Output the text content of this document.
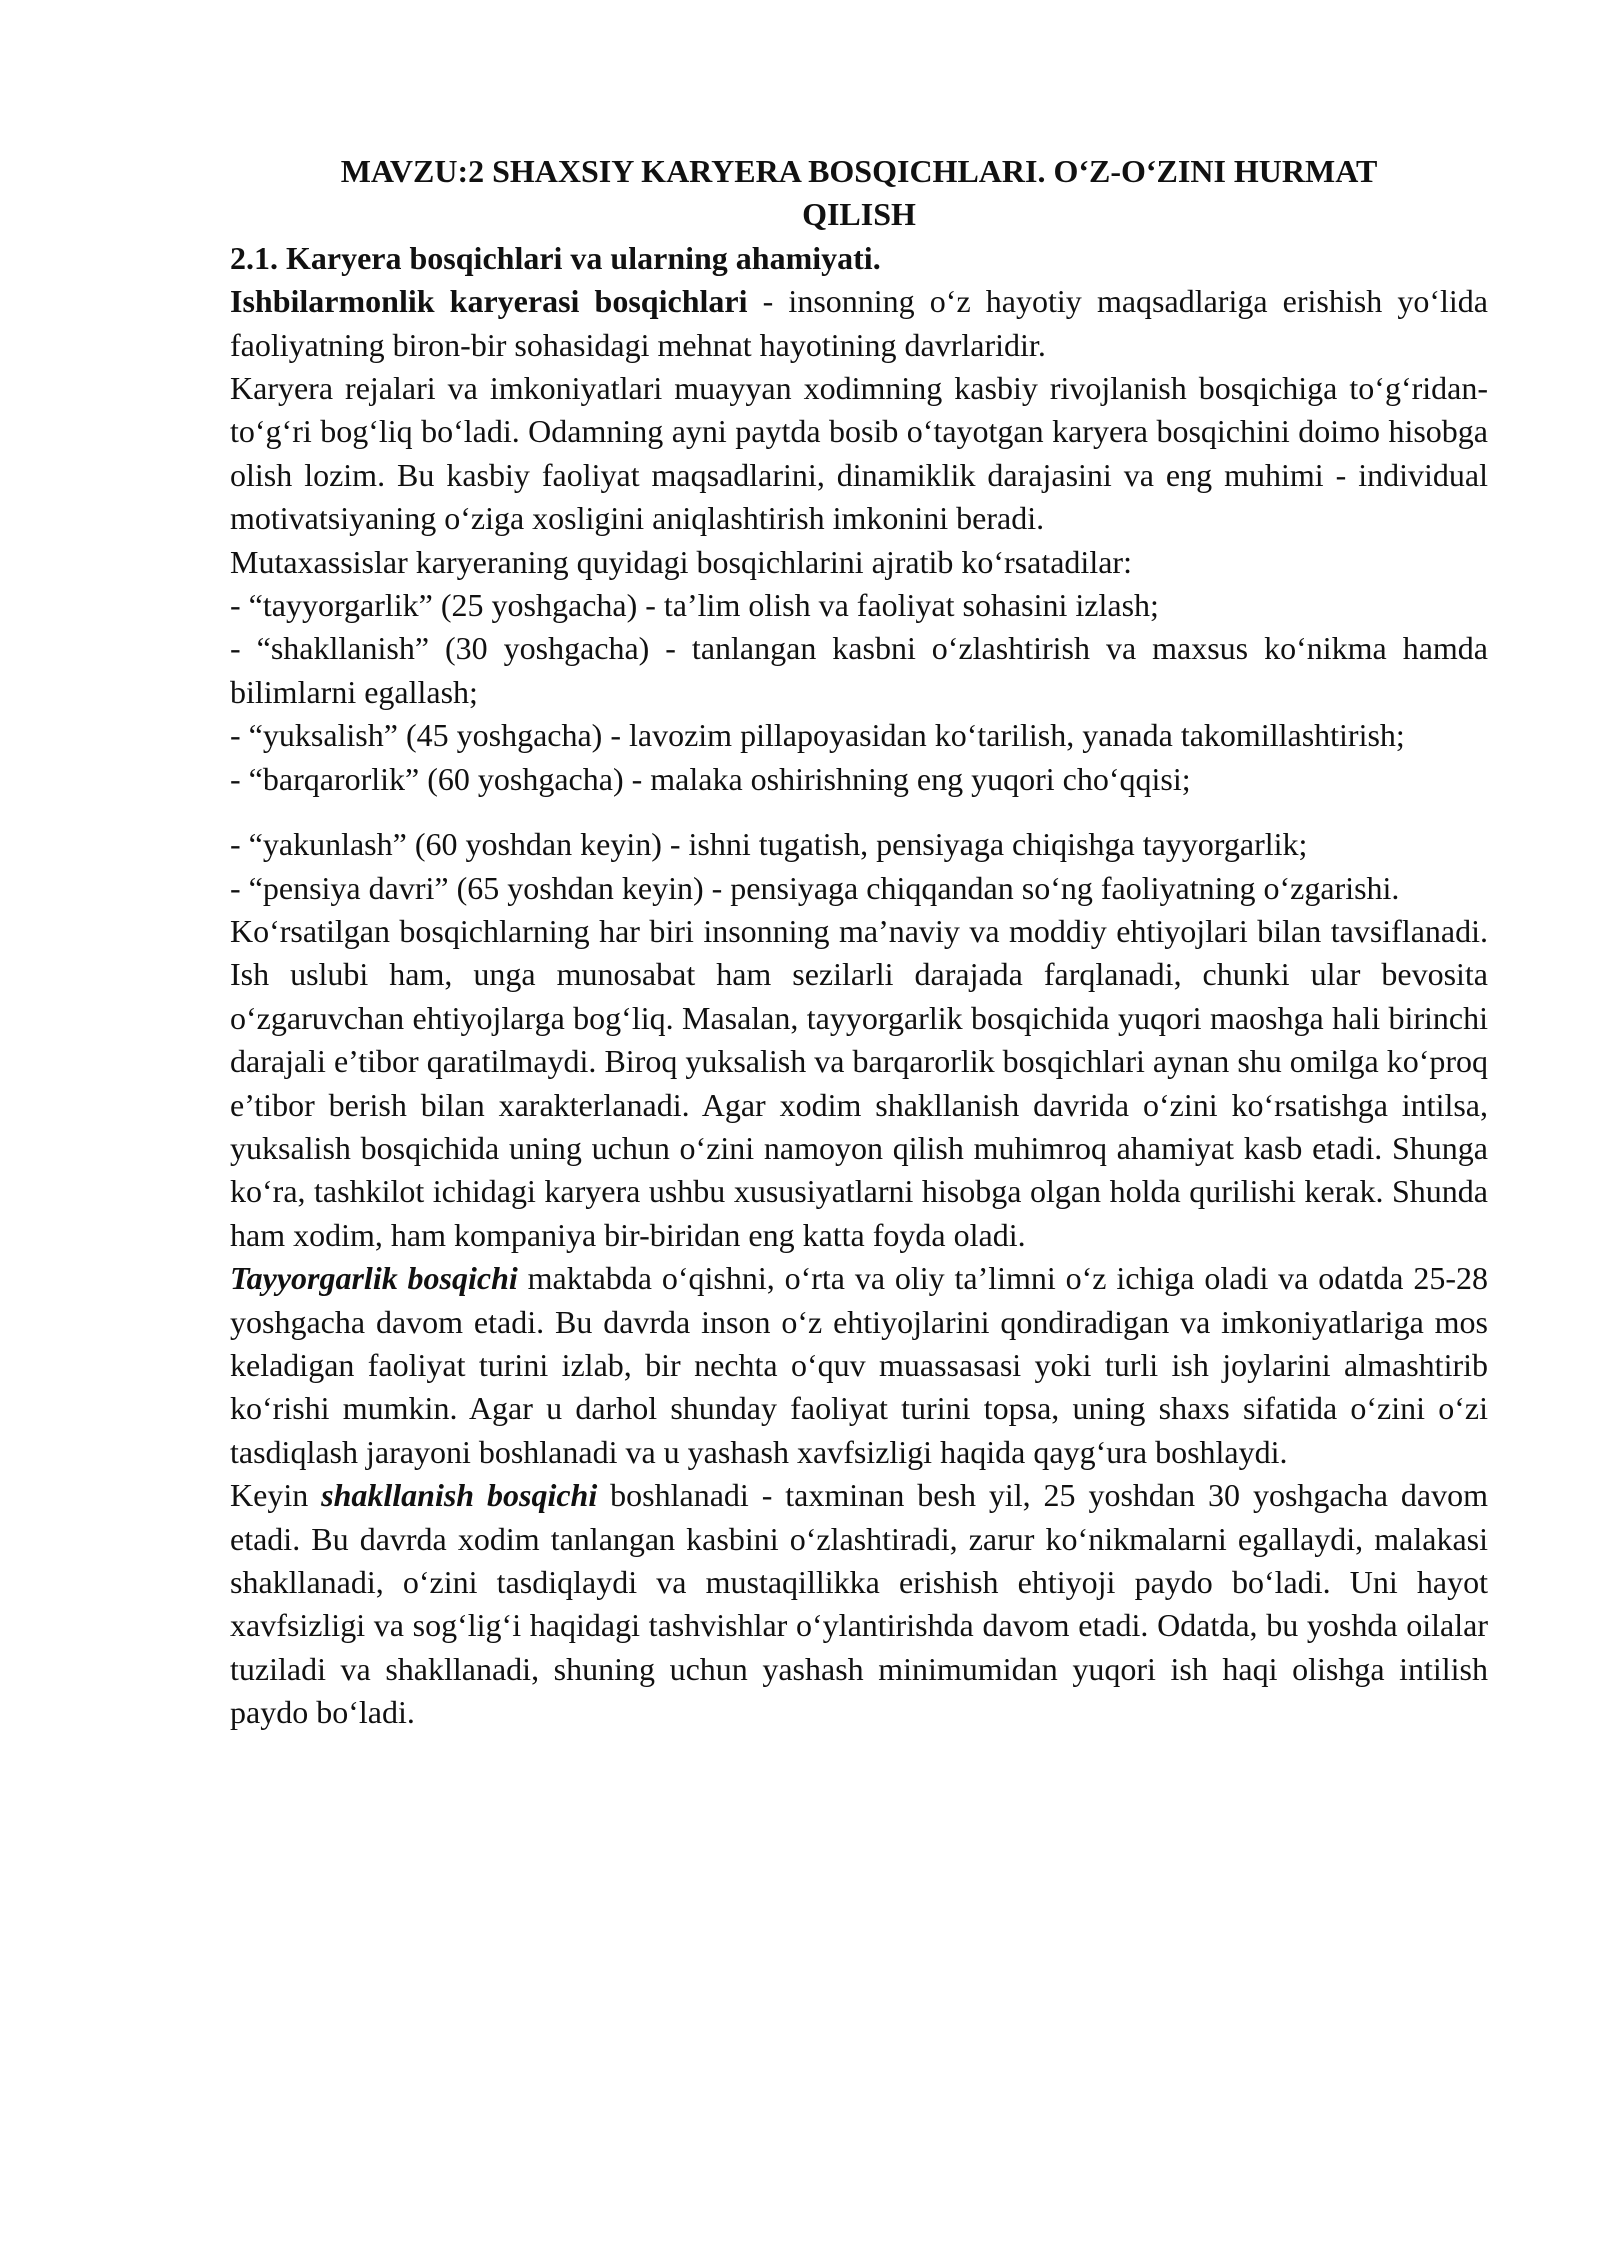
MAVZU:2 SHAXSIY KARYERA BOSQICHLARI. O‘Z-O‘ZINI HURMAT
QILISH
2.1. Karyera bosqichlari va ularning ahamiyati.

Ishbilarmonlik karyerasi bosqichlari - insonning o‘z hayotiy maqsadlariga erishish yo‘lida faoliyatning biron-bir sohasidagi mehnat hayotining davrlaridir.

Karyera rejalari va imkoniyatlari muayyan xodimning kasbiy rivojlanish bosqichiga to‘g‘ridan-to‘g‘ri bog‘liq bo‘ladi. Odamning ayni paytda bosib o‘tayotgan karyera bosqichini doimo hisobga olish lozim. Bu kasbiy faoliyat maqsadlarini, dinamiklik darajasini va eng muhimi - individual motivatsiyaning o‘ziga xosligini aniqlashtirish imkonini beradi.

Mutaxassislar karyeraning quyidagi bosqichlarini ajratib ko‘rsatadilar:

- “tayyorgarlik” (25 yoshgacha) - ta’lim olish va faoliyat sohasini izlash;

- “shakllanish” (30 yoshgacha) - tanlangan kasbni o‘zlashtirish va maxsus ko‘nikma hamda bilimlarni egallash;

- “yuksalish” (45 yoshgacha) - lavozim pillapoyasidan ko‘tarilish, yanada takomillashtirish;

- “barqarorlik” (60 yoshgacha) - malaka oshirishning eng yuqori cho‘qqisi;

- “yakunlash” (60 yoshdan keyin) - ishni tugatish, pensiyaga chiqishga tayyorgarlik;

- “pensiya davri” (65 yoshdan keyin) - pensiyaga chiqqandan so‘ng faoliyatning o‘zgarishi.

Ko‘rsatilgan bosqichlarning har biri insonning ma’naviy va moddiy ehtiyojlari bilan tavsiflanadi. Ish uslubi ham, unga munosabat ham sezilarli darajada farqlanadi, chunki ular bevosita o‘zgaruvchan ehtiyojlarga bog‘liq. Masalan, tayyorgarlik bosqichida yuqori maoshga hali birinchi darajali e’tibor qaratilmaydi. Biroq yuksalish va barqarorlik bosqichlari aynan shu omilga ko‘proq e’tibor berish bilan xarakterlanadi. Agar xodim shakllanish davrida o‘zini ko‘rsatishga intilsa, yuksalish bosqichida uning uchun o‘zini namoyon qilish muhimroq ahamiyat kasb etadi. Shunga ko‘ra, tashkilot ichidagi karyera ushbu xususiyatlarni hisobga olgan holda qurilishi kerak. Shunda ham xodim, ham kompaniya bir-biridan eng katta foyda oladi.

Tayyorgarlik bosqichi maktabda o‘qishni, o‘rta va oliy ta’limni o‘z ichiga oladi va odatda 25-28 yoshgacha davom etadi. Bu davrda inson o‘z ehtiyojlarini qondiradigan va imkoniyatlariga mos keladigan faoliyat turini izlab, bir nechta o‘quv muassasasi yoki turli ish joylarini almashtirib ko‘rishi mumkin. Agar u darhol shunday faoliyat turini topsa, uning shaxs sifatida o‘zini o‘zi tasdiqlash jarayoni boshlanadi va u yashash xavfsizligi haqida qayg‘ura boshlaydi.

Keyin shakllanish bosqichi boshlanadi - taxminan besh yil, 25 yoshdan 30 yoshgacha davom etadi. Bu davrda xodim tanlangan kasbini o‘zlashtiradi, zarur ko‘nikmalarni egallaydi, malakasi shakllanadi, o‘zini tasdiqlaydi va mustaqillikka erishish ehtiyoji paydo bo‘ladi. Uni hayot xavfsizligi va sog‘lig‘i haqidagi tashvishlar o‘ylantirishda davom etadi. Odatda, bu yoshda oilalar tuziladi va shakllanadi, shuning uchun yashash minimumidan yuqori ish haqi olishga intilish paydo bo‘ladi.
